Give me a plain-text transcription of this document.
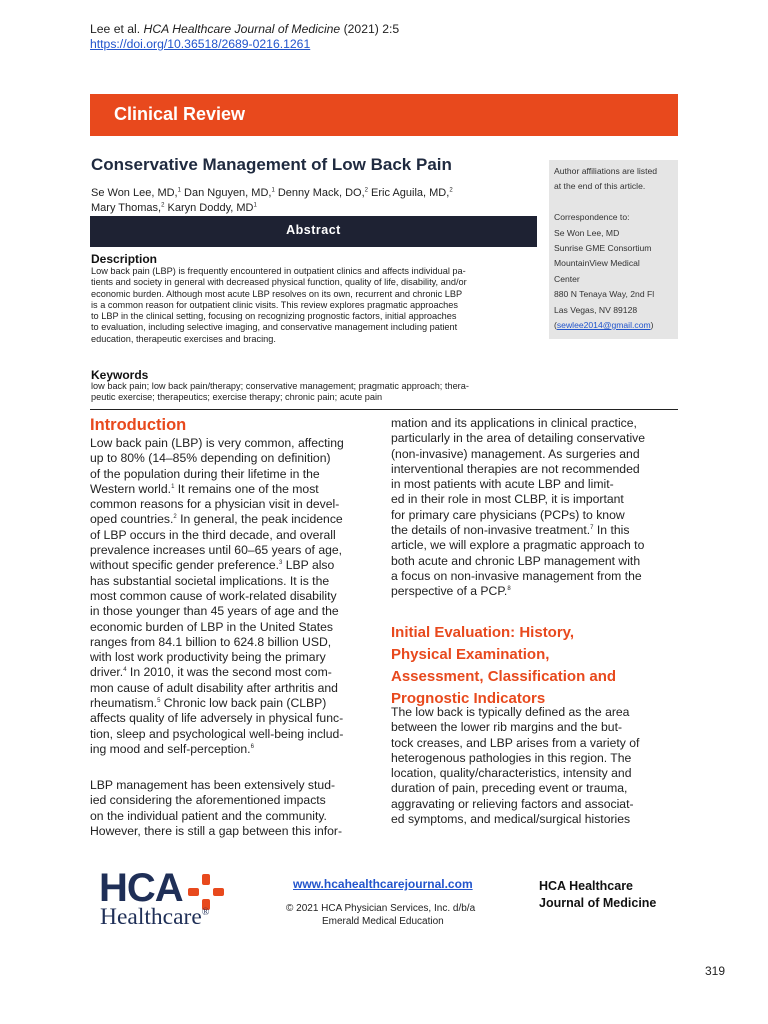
Lee et al. HCA Healthcare Journal of Medicine (2021) 2:5
https://doi.org/10.36518/2689-0216.1261
Clinical Review
Conservative Management of Low Back Pain
Se Won Lee, MD,$^1$ Dan Nguyen, MD,$^1$ Denny Mack, DO,$^2$ Eric Aguila, MD,$^2$
Mary Thomas,$^2$ Karyn Doddy, $MD^1$
Author affiliations are listed
at the end of this article.
Correspondence to:
Se Won Lee, MD
Sunrise GME Consortium
MountainView Medical
Center
880 N Tenaya Way, 2nd Fl
Las Vegas, NV 89128
(sewlee2014@gmail.com)
Abstract
Description
Low back pain (LBP) is frequently encountered in outpatient clinics and affects individual pa-
tients and society in general with decreased physical function, quality of life, disability, and/or
economic burden. Although most acute LBP resolves on its own, recurrent and chronic LBP
is a common reason for outpatient clinic visits. This review explores pragmatic approaches
to LBP in the clinical setting, focusing on recognizing prognostic factors, initial approaches
to evaluation, including selective imaging, and conservative management including patient
education, therapeutic exercises and bracing.
Keywords
low back pain; low back pain/therapy; conservative management; pragmatic approach; thera-
peutic exercise; therapeutics; exercise therapy; chronic pain; acute pain
Introduction
Low back pain (LBP) is very common, affecting
up to 80% (14–85% depending on definition)
of the population during their lifetime in the
Western world.$^1$ It remains one of the most
common reasons for a physician visit in devel-
oped countries.$^2$ In general, the peak incidence
of LBP occurs in the third decade, and overall
prevalence increases until 60–65 years of age,
without specific gender preference.$^3$ LBP also
has substantial societal implications. It is the
most common cause of work-related disability
in those younger than 45 years of age and the
economic burden of LBP in the United States
ranges from 84.1 billion to 624.8 billion USD,
with lost work productivity being the primary
driver.$^4$ In 2010, it was the second most com-
mon cause of adult disability after arthritis and
rheumatism.$^5$ Chronic low back pain (CLBP)
affects quality of life adversely in physical func-
tion, sleep and psychological well-being includ-
ing mood and self-perception.$^6$
LBP management has been extensively stud-
ied considering the aforementioned impacts
on the individual patient and the community.
However, there is still a gap between this infor-
mation and its applications in clinical practice,
particularly in the area of detailing conservative
(non-invasive) management. As surgeries and
interventional therapies are not recommended
in most patients with acute LBP and limit-
ed in their role in most CLBP, it is important
for primary care physicians (PCPs) to know
the details of non-invasive treatment.$^7$ In this
article, we will explore a pragmatic approach to
both acute and chronic LBP management with
a focus on non-invasive management from the
perspective of a PCP.$^8$
Initial Evaluation: History,
Physical Examination,
Assessment, Classification and
Prognostic Indicators
The low back is typically defined as the area
between the lower rib margins and the but-
tock creases, and LBP arises from a variety of
heterogenous pathologies in this region. The
location, quality/characteristics, intensity and
duration of pain, preceding event or trauma,
aggravating or relieving factors and associat-
ed symptoms, and medical/surgical histories
HCA
Healthcare®
www.hcahealthcarejournal.com
© 2021 HCA Physician Services, Inc. d/b/a
Emerald Medical Education
HCA Healthcare
Journal of Medicine
319
